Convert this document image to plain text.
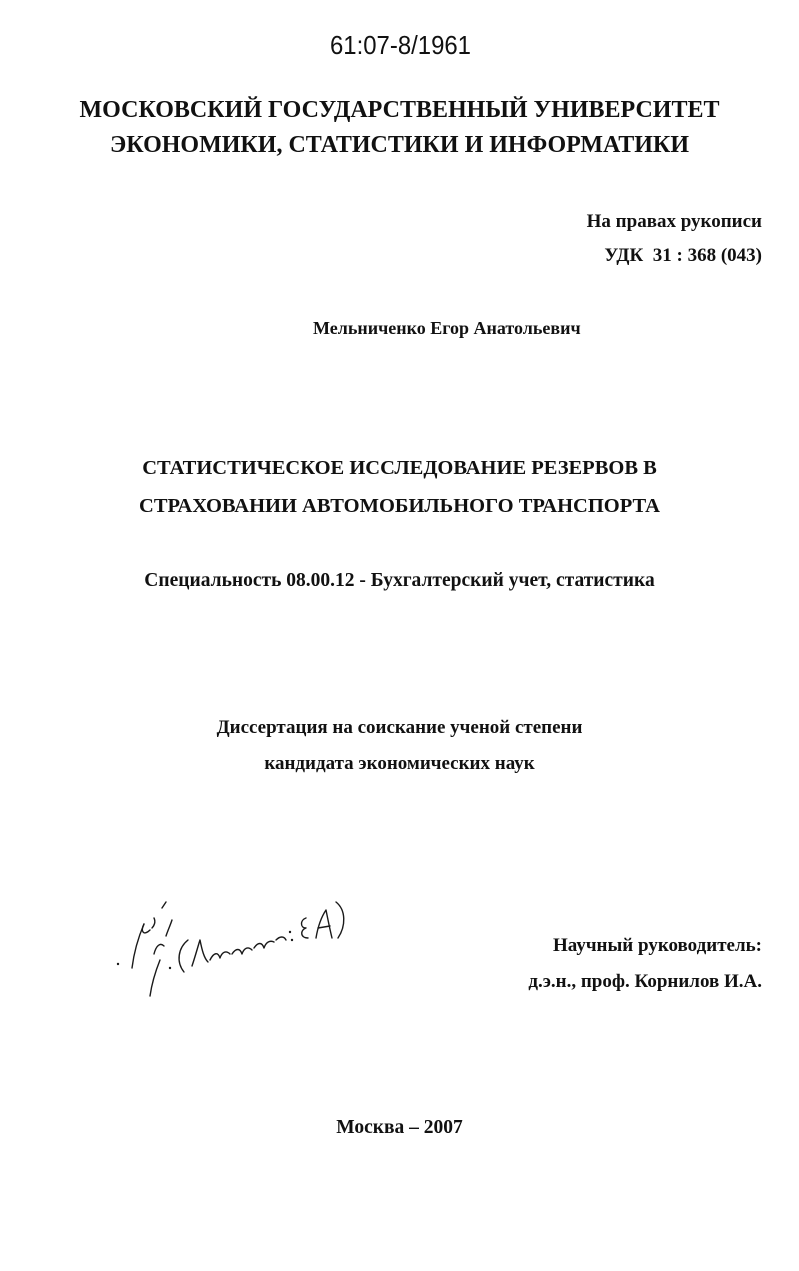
61:07-8/1961
МОСКОВСКИЙ ГОСУДАРСТВЕННЫЙ УНИВЕРСИТЕТ
ЭКОНОМИКИ, СТАТИСТИКИ И ИНФОРМАТИКИ
На правах рукописи
УДК  31 : 368 (043)
Мельниченко Егор Анатольевич
СТАТИСТИЧЕСКОЕ ИССЛЕДОВАНИЕ РЕЗЕРВОВ В
СТРАХОВАНИИ АВТОМОБИЛЬНОГО ТРАНСПОРТА
Специальность 08.00.12 - Бухгалтерский учет, статистика
Диссертация на соискание ученой степени
кандидата экономических наук
Научный руководитель:
д.э.н., проф. Корнилов И.А.
Москва – 2007
